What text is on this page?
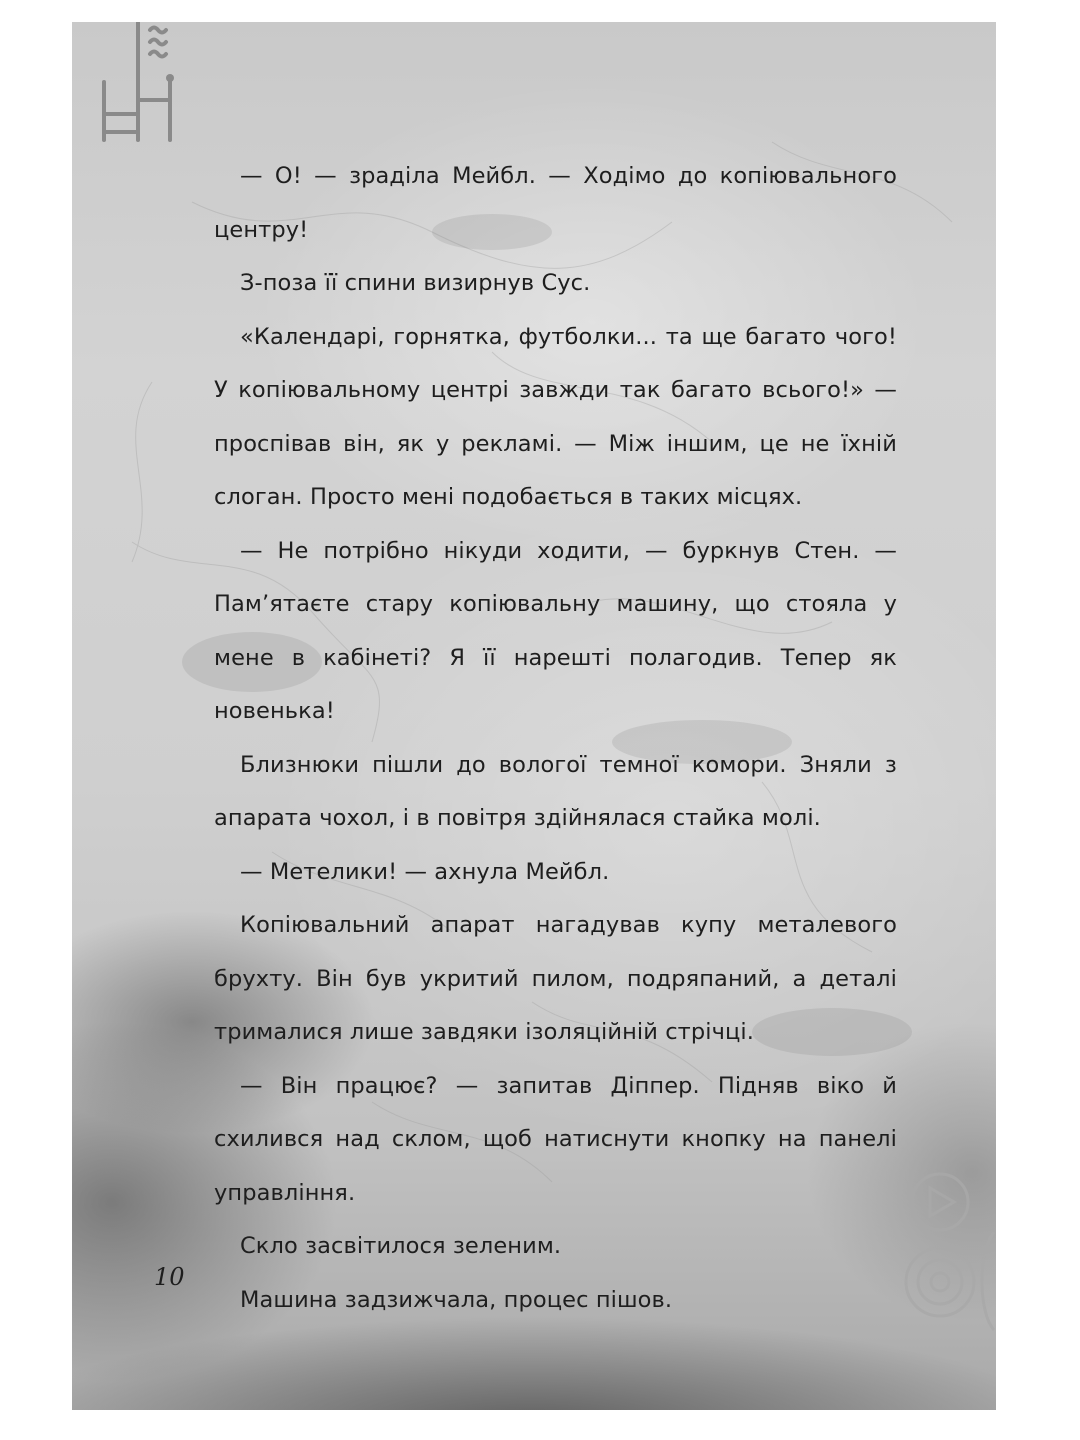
— О! — зраділа Мейбл. — Ходімо до копіювального центру!

З-поза її спини визирнув Сус.

«Календарі, горнятка, футболки... та ще багато чого! У копіювальному центрі завжди так багато всього!» — проспівав він, як у рекламі. — Між іншим, це не їхній слоган. Просто мені подобається в таких місцях.

— Не потрібно нікуди ходити, — буркнув Стен. — Пам’ятаєте стару копіювальну машину, що стояла у мене в кабінеті? Я її нарешті полагодив. Тепер як новенька!

Близнюки пішли до вологої темної комори. Зняли з апарата чохол, і в повітря здійнялася стайка молі.

— Метелики! — ахнула Мейбл.

Копіювальний апарат нагадував купу металевого брухту. Він був укритий пилом, подряпаний, а деталі трималися лише завдяки ізоляційній стрічці.

— Він працює? — запитав Діппер. Підняв віко й схилився над склом, щоб натиснути кнопку на панелі управління.

Скло засвітилося зеленим.

Машина задзижчала, процес пішов.

10
